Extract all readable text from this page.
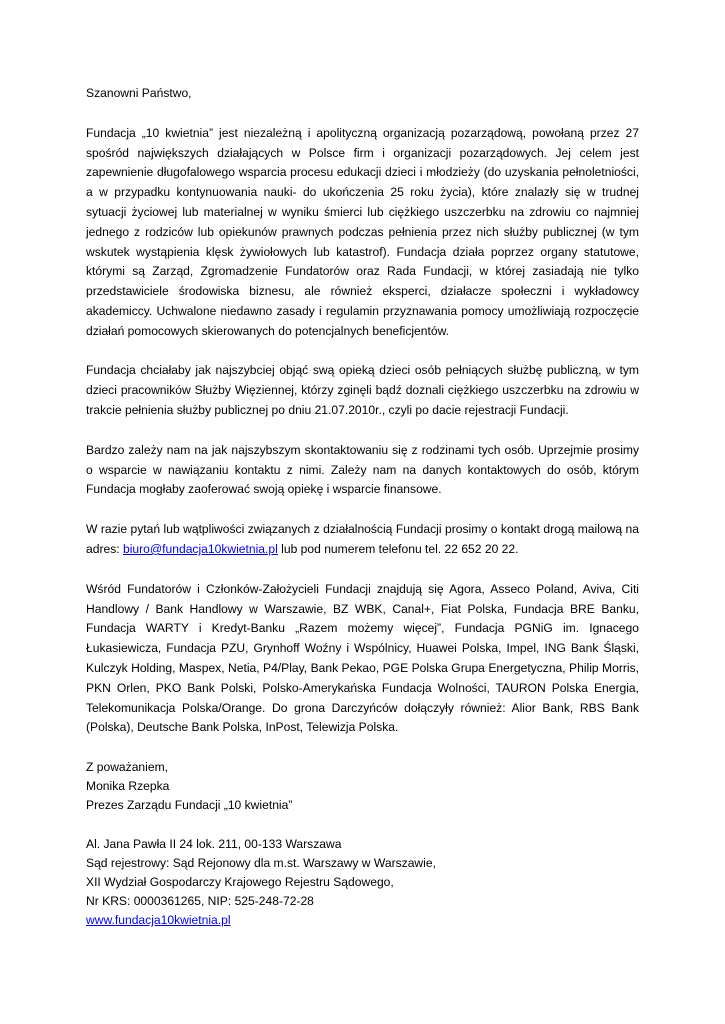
Szanowni Państwo,
Fundacja „10 kwietnia” jest niezależną i apolityczną organizacją pozarządową, powołaną przez 27 spośród największych działających w Polsce firm i organizacji pozarządowych. Jej celem jest zapewnienie długofalowego wsparcia procesu edukacji dzieci i młodzieży (do uzyskania pełnoletniości, a w przypadku kontynuowania nauki- do ukończenia 25 roku życia), które znalazły się w trudnej sytuacji życiowej lub materialnej w wyniku śmierci lub ciężkiego uszczerbku na zdrowiu co najmniej jednego z rodziców lub opiekunów prawnych podczas pełnienia przez nich służby publicznej (w tym wskutek wystąpienia klęsk żywiołowych lub katastrof). Fundacja działa poprzez organy statutowe, którymi są Zarząd, Zgromadzenie Fundatorów oraz Rada Fundacji, w której zasiadają nie tylko przedstawiciele środowiska biznesu, ale również eksperci, działacze społeczni i wykładowcy akademiccy. Uchwalone niedawno zasady i regulamin przyznawania pomocy umożliwiają rozpoczęcie działań pomocowych skierowanych do potencjalnych beneficjentów.
Fundacja chciałaby jak najszybciej objąć swą opieką dzieci osób pełniących służbę publiczną, w tym dzieci pracowników Służby Więziennej, którzy zginęli bądź doznali ciężkiego uszczerbku na zdrowiu w trakcie pełnienia służby publicznej po dniu 21.07.2010r., czyli po dacie rejestracji Fundacji.
Bardzo zależy nam na jak najszybszym skontaktowaniu się z rodzinami tych osób. Uprzejmie prosimy o wsparcie w nawiązaniu kontaktu z nimi. Zależy nam na danych kontaktowych do osób, którym Fundacja mogłaby zaoferować swoją opiekę i wsparcie finansowe.
W razie pytań lub wątpliwości związanych z działalnością Fundacji prosimy o kontakt drogą mailową na adres: biuro@fundacja10kwietnia.pl lub pod numerem telefonu tel. 22 652 20 22.
Wśród Fundatorów i Członków-Założycieli Fundacji znajdują się Agora, Asseco Poland, Aviva, Citi Handlowy / Bank Handlowy w Warszawie, BZ WBK, Canal+, Fiat Polska, Fundacja BRE Banku, Fundacja WARTY i Kredyt-Banku „Razem możemy więcej”, Fundacja PGNiG im. Ignacego Łukasiewicza, Fundacja PZU, Grynhoff Woźny i Wspólnicy, Huawei Polska, Impel, ING Bank Śląski, Kulczyk Holding, Maspex, Netia, P4/Play, Bank Pekao, PGE Polska Grupa Energetyczna, Philip Morris, PKN Orlen, PKO Bank Polski, Polsko-Amerykańska Fundacja Wolności, TAURON Polska Energia, Telekomunikacja Polska/Orange. Do grona Darczyńców dołączyły również: Alior Bank, RBS Bank (Polska), Deutsche Bank Polska, InPost, Telewizja Polska.
Z poważaniem,
Monika Rzepka
Prezes Zarządu Fundacji „10 kwietnia”
Al. Jana Pawła II 24 lok. 211, 00-133 Warszawa
Sąd rejestrowy: Sąd Rejonowy dla m.st. Warszawy w Warszawie,
XII Wydział Gospodarczy Krajowego Rejestru Sądowego,
Nr KRS: 0000361265, NIP: 525-248-72-28
www.fundacja10kwietnia.pl
